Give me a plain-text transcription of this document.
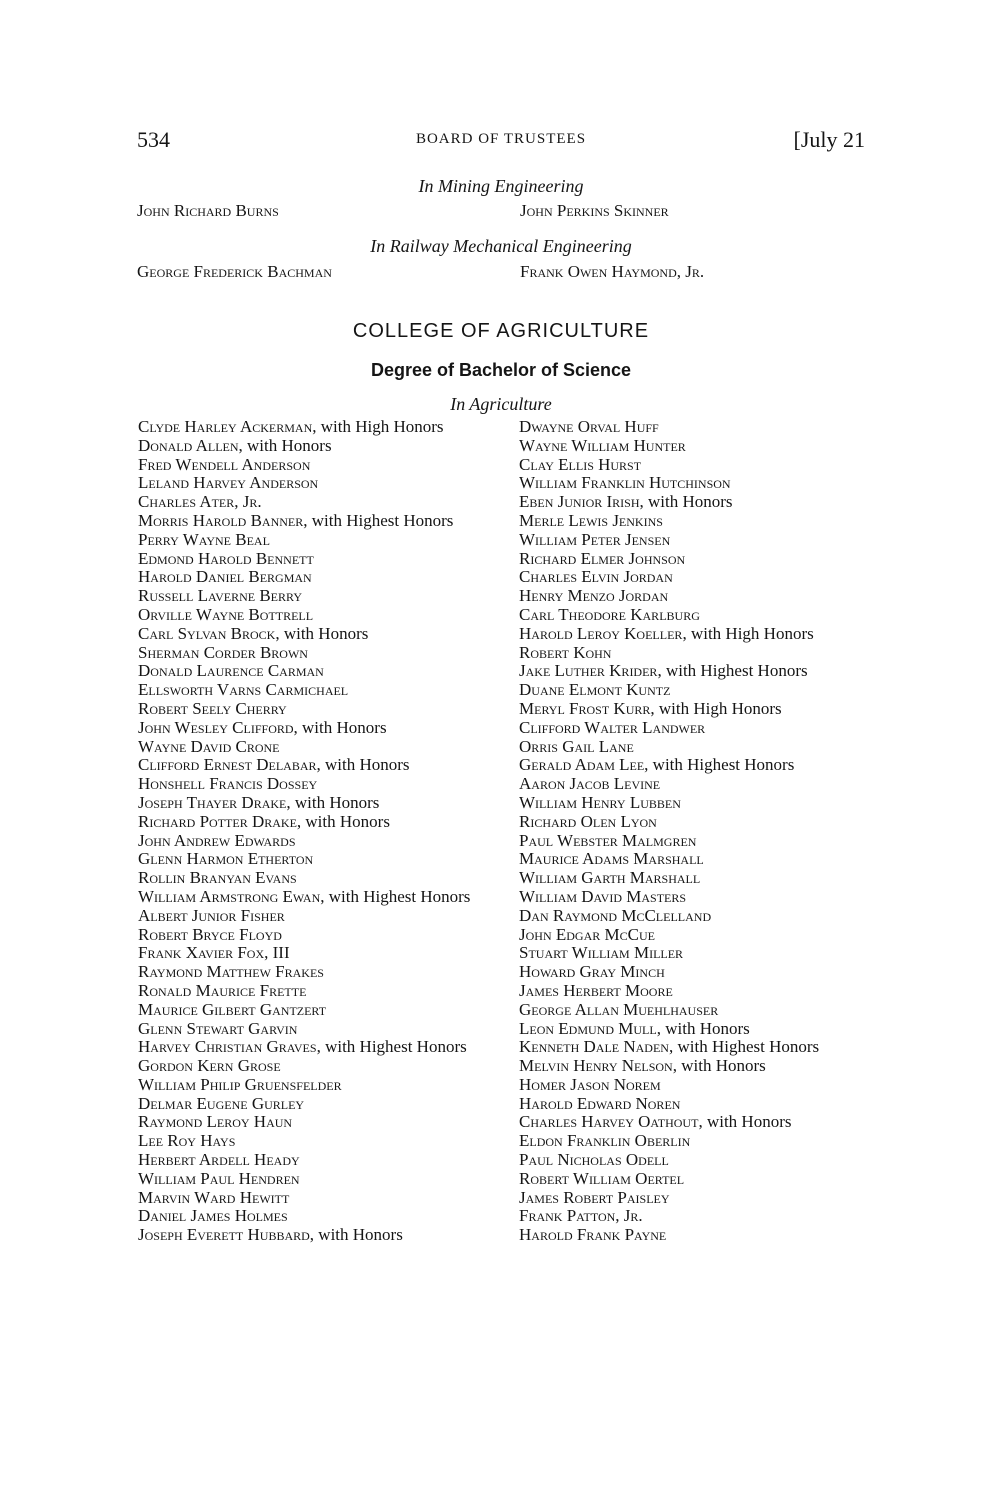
534	BOARD OF TRUSTEES	[July 21
In Mining Engineering
John Richard Burns	John Perkins Skinner
In Railway Mechanical Engineering
George Frederick Bachman	Frank Owen Haymond, Jr.
COLLEGE OF AGRICULTURE
Degree of Bachelor of Science
In Agriculture
Clyde Harley Ackerman, with High Honors
Donald Allen, with Honors
Fred Wendell Anderson
Leland Harvey Anderson
Charles Ater, Jr.
Morris Harold Banner, with Highest Honors
Perry Wayne Beal
Edmond Harold Bennett
Harold Daniel Bergman
Russell Laverne Berry
Orville Wayne Bottrell
Carl Sylvan Brock, with Honors
Sherman Corder Brown
Donald Laurence Carman
Ellsworth Varns Carmichael
Robert Seely Cherry
John Wesley Clifford, with Honors
Wayne David Crone
Clifford Ernest Delabar, with Honors
Honshell Francis Dossey
Joseph Thayer Drake, with Honors
Richard Potter Drake, with Honors
John Andrew Edwards
Glenn Harmon Etherton
Rollin Branyan Evans
William Armstrong Ewan, with Highest Honors
Albert Junior Fisher
Robert Bryce Floyd
Frank Xavier Fox, III
Raymond Matthew Frakes
Ronald Maurice Frette
Maurice Gilbert Gantzert
Glenn Stewart Garvin
Harvey Christian Graves, with Highest Honors
Gordon Kern Grose
William Philip Gruensfelder
Delmar Eugene Gurley
Raymond Leroy Haun
Lee Roy Hays
Herbert Ardell Heady
William Paul Hendren
Marvin Ward Hewitt
Daniel James Holmes
Joseph Everett Hubbard, with Honors
Dwayne Orval Huff
Wayne William Hunter
Clay Ellis Hurst
William Franklin Hutchinson
Eben Junior Irish, with Honors
Merle Lewis Jenkins
William Peter Jensen
Richard Elmer Johnson
Charles Elvin Jordan
Henry Menzo Jordan
Carl Theodore Karlburg
Harold Leroy Koeller, with High Honors
Robert Kohn
Jake Luther Krider, with Highest Honors
Duane Elmont Kuntz
Meryl Frost Kurr, with High Honors
Clifford Walter Landwer
Orris Gail Lane
Gerald Adam Lee, with Highest Honors
Aaron Jacob Levine
William Henry Lubben
Richard Olen Lyon
Paul Webster Malmgren
Maurice Adams Marshall
William Garth Marshall
William David Masters
Dan Raymond McClelland
John Edgar McCue
Stuart William Miller
Howard Gray Minch
James Herbert Moore
George Allan Muehlhauser
Leon Edmund Mull, with Honors
Kenneth Dale Naden, with Highest Honors
Melvin Henry Nelson, with Honors
Homer Jason Norem
Harold Edward Noren
Charles Harvey Oathout, with Honors
Eldon Franklin Oberlin
Paul Nicholas Odell
Robert William Oertel
James Robert Paisley
Frank Patton, Jr.
Harold Frank Payne
